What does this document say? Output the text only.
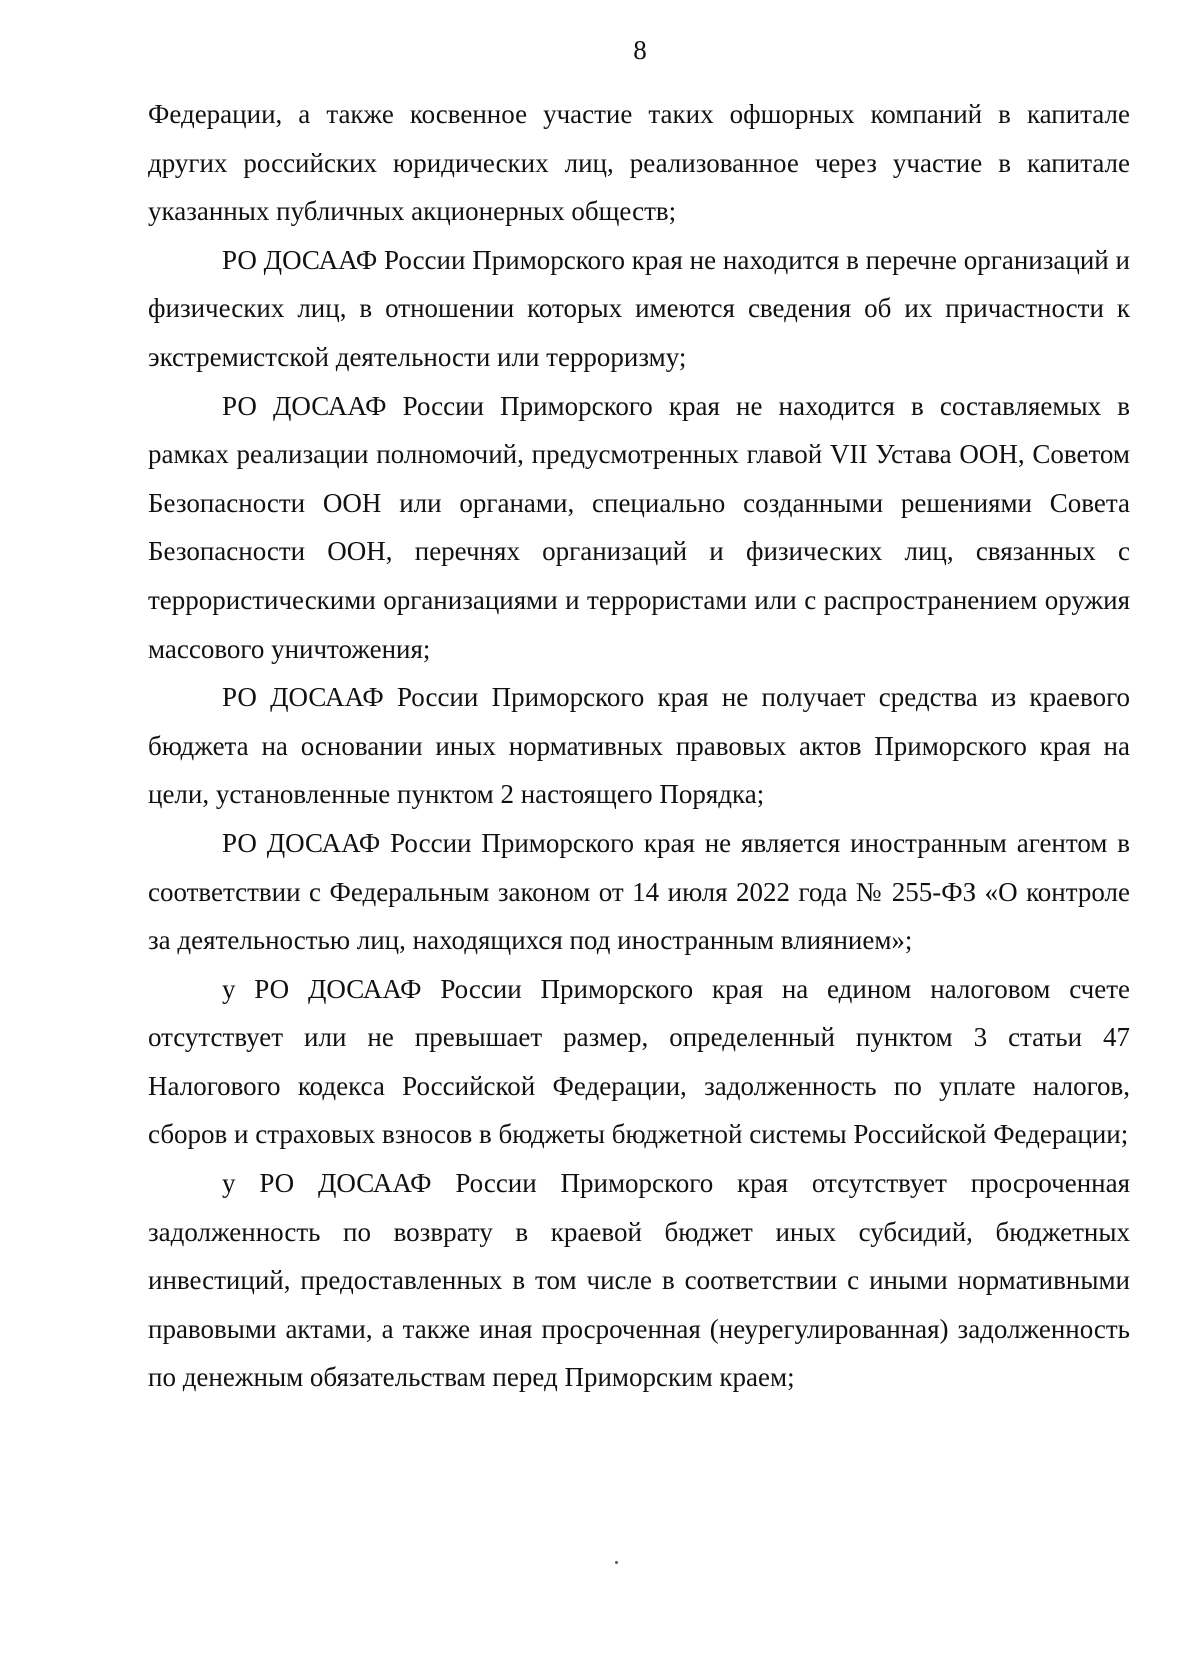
8

Федерации, а также косвенное участие таких офшорных компаний в капитале других российских юридических лиц, реализованное через участие в капитале указанных публичных акционерных обществ;

РО ДОСААФ России Приморского края не находится в перечне организаций и физических лиц, в отношении которых имеются сведения об их причастности к экстремистской деятельности или терроризму;

РО ДОСААФ России Приморского края не находится в составляемых в рамках реализации полномочий, предусмотренных главой VII Устава ООН, Советом Безопасности ООН или органами, специально созданными решениями Совета Безопасности ООН, перечнях организаций и физических лиц, связанных с террористическими организациями и террористами или с распространением оружия массового уничтожения;

РО ДОСААФ России Приморского края не получает средства из краевого бюджета на основании иных нормативных правовых актов Приморского края на цели, установленные пунктом 2 настоящего Порядка;

РО ДОСААФ России Приморского края не является иностранным агентом в соответствии с Федеральным законом от 14 июля 2022 года № 255-ФЗ «О контроле за деятельностью лиц, находящихся под иностранным влиянием»;

у РО ДОСААФ России Приморского края на едином налоговом счете отсутствует или не превышает размер, определенный пунктом 3 статьи 47 Налогового кодекса Российской Федерации, задолженность по уплате налогов, сборов и страховых взносов в бюджеты бюджетной системы Российской Федерации;

у РО ДОСААФ России Приморского края отсутствует просроченная задолженность по возврату в краевой бюджет иных субсидий, бюджетных инвестиций, предоставленных в том числе в соответствии с иными нормативными правовыми актами, а также иная просроченная (неурегулированная) задолженность по денежным обязательствам перед Приморским краем;
